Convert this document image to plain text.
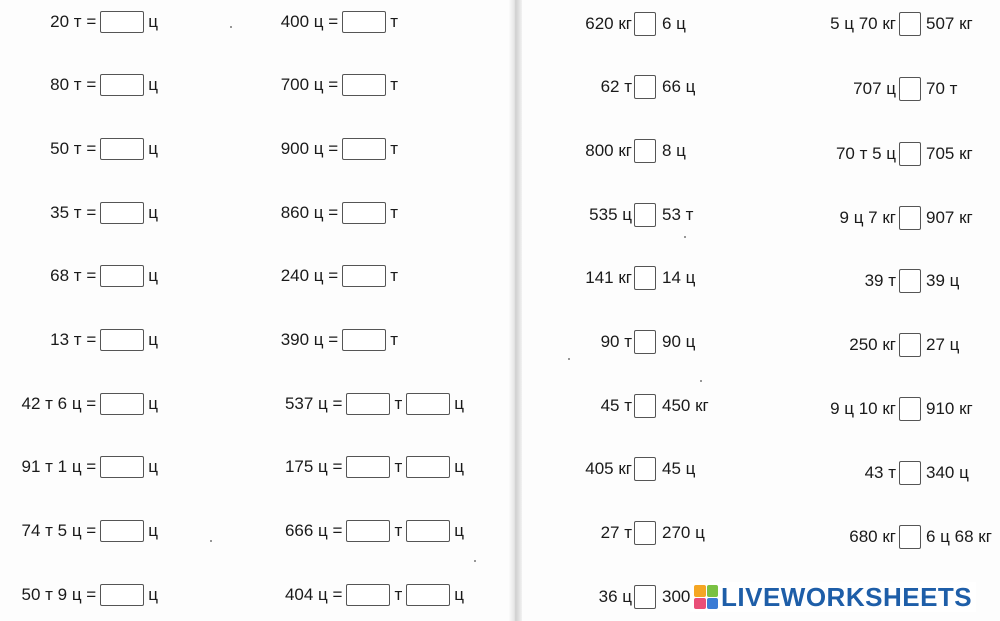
20 т =	ц
80 т =	ц
50 т =	ц
35 т =	ц
68 т =	ц
13 т =	ц
42 т 6 ц =	ц
91 т 1 ц =	ц
74 т 5 ц =	ц
50 т 9 ц =	ц
400 ц =	т
700 ц =	т
900 ц =	т
860 ц =	т
240 ц =	т
390 ц =	т
537 ц =	т	ц
175 ц =	т	ц
666 ц =	т	ц
404 ц =	т	ц
620 кг 6 ц
62 т 66 ц
800 кг 8 ц
535 ц 53 т
141 кг 14 ц
90 т 90 ц
45 т 450 кг
405 кг 45 ц
27 т 270 ц
36 ц 300
5 ц 70 кг 507 кг
707 ц 70 т
70 т 5 ц 705 кг
9 ц 7 кг 907 кг
39 т 39 ц
250 кг 27 ц
9 ц 10 кг 910 кг
43 т 340 ц
680 кг 6 ц 68 кг
LIVEWORKSHEETS
